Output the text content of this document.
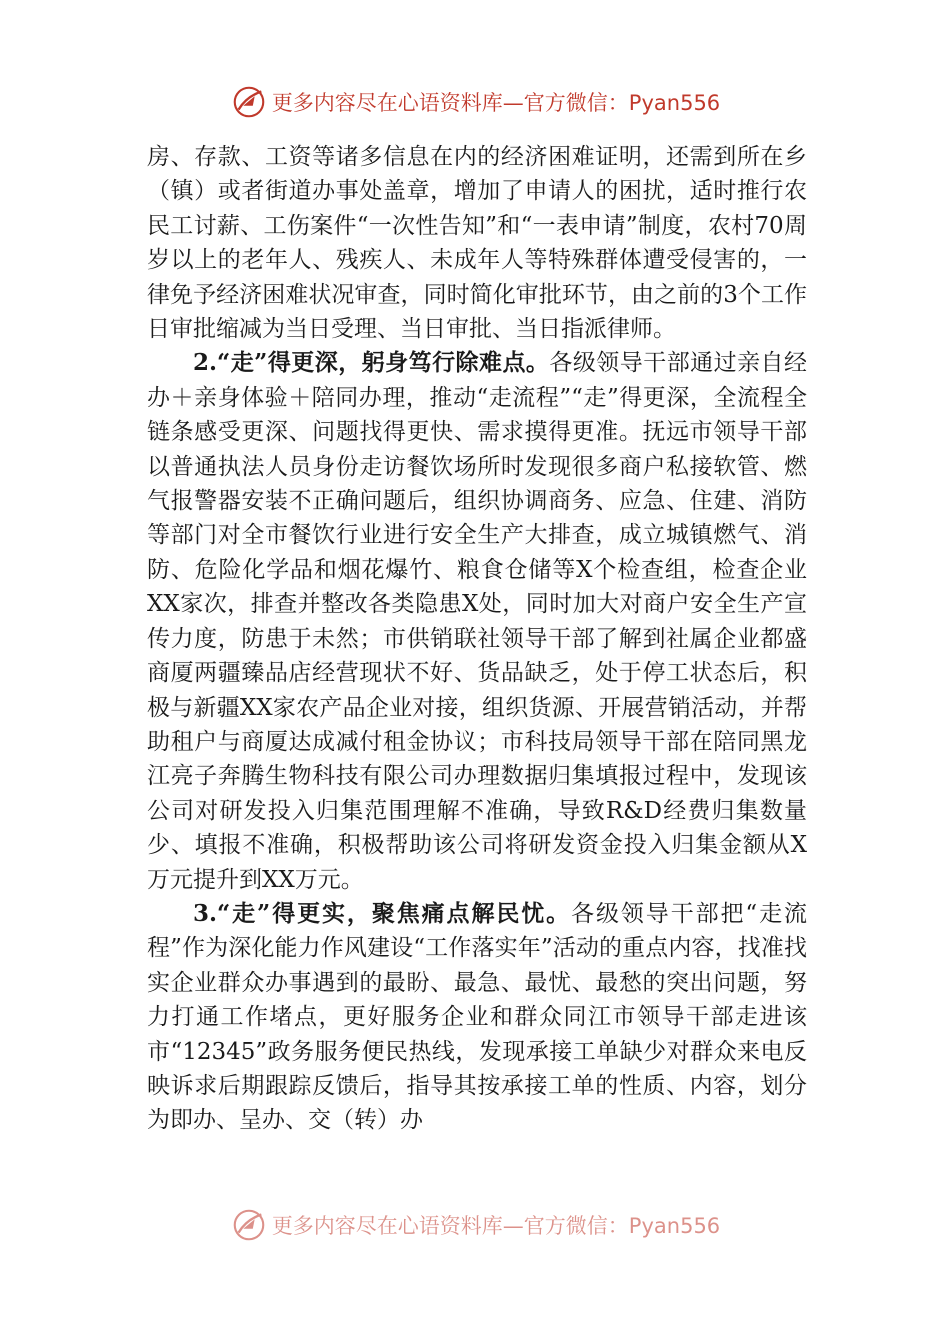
更多内容尽在心语资料库—官方微信：Pyan556

房、存款、工资等诸多信息在内的经济困难证明，还需到所在乡（镇）或者街道办事处盖章，增加了申请人的困扰，适时推行农民工讨薪、工伤案件“一次性告知”和“一表申请”制度，农村70周岁以上的老年人、残疾人、未成年人等特殊群体遭受侵害的，一律免予经济困难状况审查，同时简化审批环节，由之前的3个工作日审批缩减为当日受理、当日审批、当日指派律师。

2.“走”得更深，躬身笃行除难点。各级领导干部通过亲自经办＋亲身体验＋陪同办理，推动“走流程”“走”得更深，全流程全链条感受更深、问题找得更快、需求摸得更准。抚远市领导干部以普通执法人员身份走访餐饮场所时发现很多商户私接软管、燃气报警器安装不正确问题后，组织协调商务、应急、住建、消防等部门对全市餐饮行业进行安全生产大排查，成立城镇燃气、消防、危险化学品和烟花爆竹、粮食仓储等X个检查组，检查企业XX家次，排查并整改各类隐患X处，同时加大对商户安全生产宣传力度，防患于未然；市供销联社领导干部了解到社属企业都盛商厦两疆臻品店经营现状不好、货品缺乏，处于停工状态后，积极与新疆XX家农产品企业对接，组织货源、开展营销活动，并帮助租户与商厦达成减付租金协议；市科技局领导干部在陪同黑龙江亮子奔腾生物科技有限公司办理数据归集填报过程中，发现该公司对研发投入归集范围理解不准确，导致R&D经费归集数量少、填报不准确，积极帮助该公司将研发资金投入归集金额从X万元提升到XX万元。

3.“走”得更实，聚焦痛点解民忧。各级领导干部把“走流程”作为深化能力作风建设“工作落实年”活动的重点内容，找准找实企业群众办事遇到的最盼、最急、最忧、最愁的突出问题，努力打通工作堵点，更好服务企业和群众同江市领导干部走进该市“12345”政务服务便民热线，发现承接工单缺少对群众来电反映诉求后期跟踪反馈后，指导其按承接工单的性质、内容，划分为即办、呈办、交（转）办

更多内容尽在心语资料库—官方微信：Pyan556
